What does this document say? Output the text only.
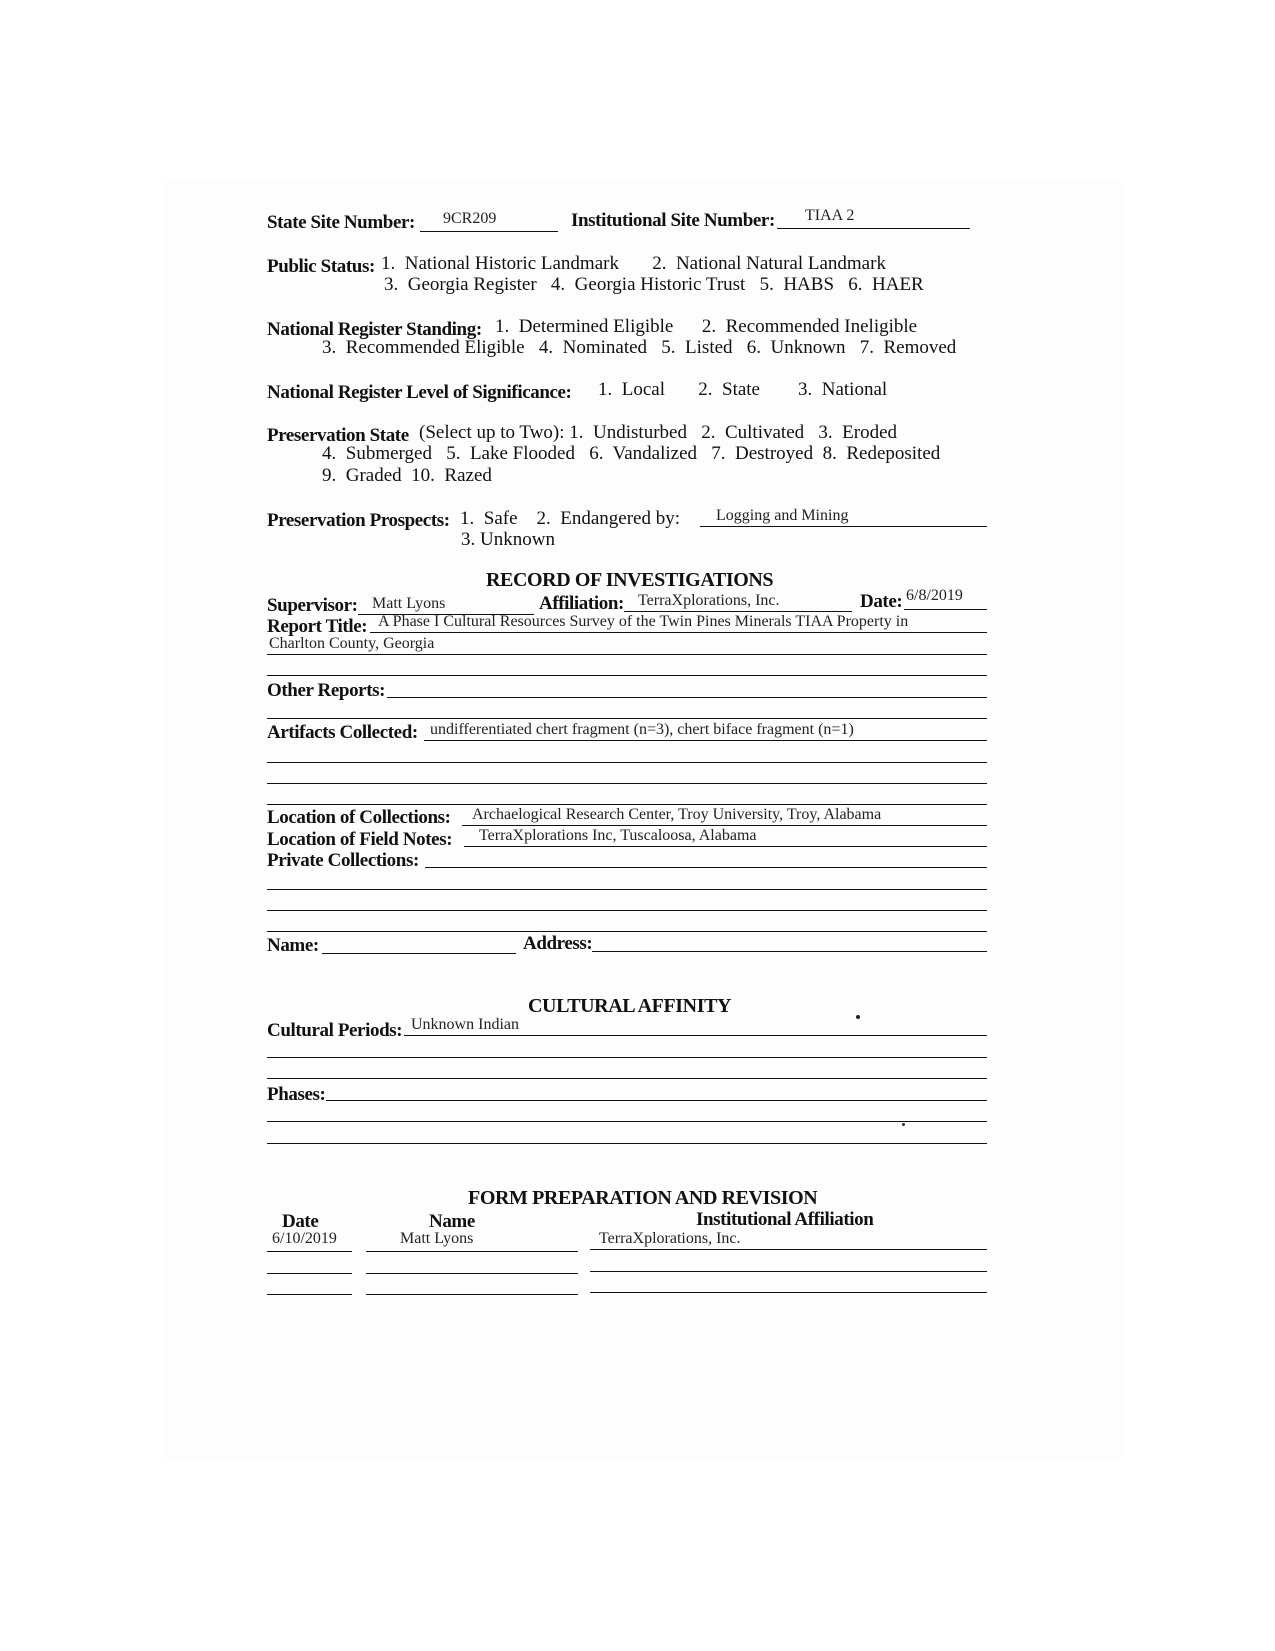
State Site Number: 9CR209	Institutional Site Number: TIAA 2
Public Status: 1.  National Historic Landmark       2.  National Natural Landmark
3.  Georgia Register   4.  Georgia Historic Trust   5.  HABS   6.  HAER
National Register Standing: 1.  Determined Eligible      2.  Recommended Ineligible
3.  Recommended Eligible   4.  Nominated   5.  Listed   6.  Unknown   7.  Removed
National Register Level of Significance: 1.  Local       2.  State        3.  National
Preservation State (Select up to Two): 1.  Undisturbed   2.  Cultivated   3.  Eroded
4.  Submerged   5.  Lake Flooded   6.  Vandalized   7.  Destroyed  8.  Redeposited
9.  Graded  10.  Razed
Preservation Prospects: 1.  Safe    2.  Endangered by: Logging and Mining
3. Unknown
RECORD OF INVESTIGATIONS
Supervisor: Matt Lyons	Affiliation: TerraXplorations, Inc.	Date: 6/8/2019
Report Title: A Phase I Cultural Resources Survey of the Twin Pines Minerals TIAA Property in
Charlton County, Georgia
Other Reports:
Artifacts Collected: undifferentiated chert fragment (n=3), chert biface fragment (n=1)
Location of Collections: Archaelogical Research Center, Troy University, Troy, Alabama
Location of Field Notes: TerraXplorations Inc, Tuscaloosa, Alabama
Private Collections:
Name:	Address:
CULTURAL AFFINITY
Cultural Periods: Unknown Indian
Phases:
FORM PREPARATION AND REVISION
Date	Name	Institutional Affiliation
6/10/2019	Matt Lyons	TerraXplorations, Inc.
